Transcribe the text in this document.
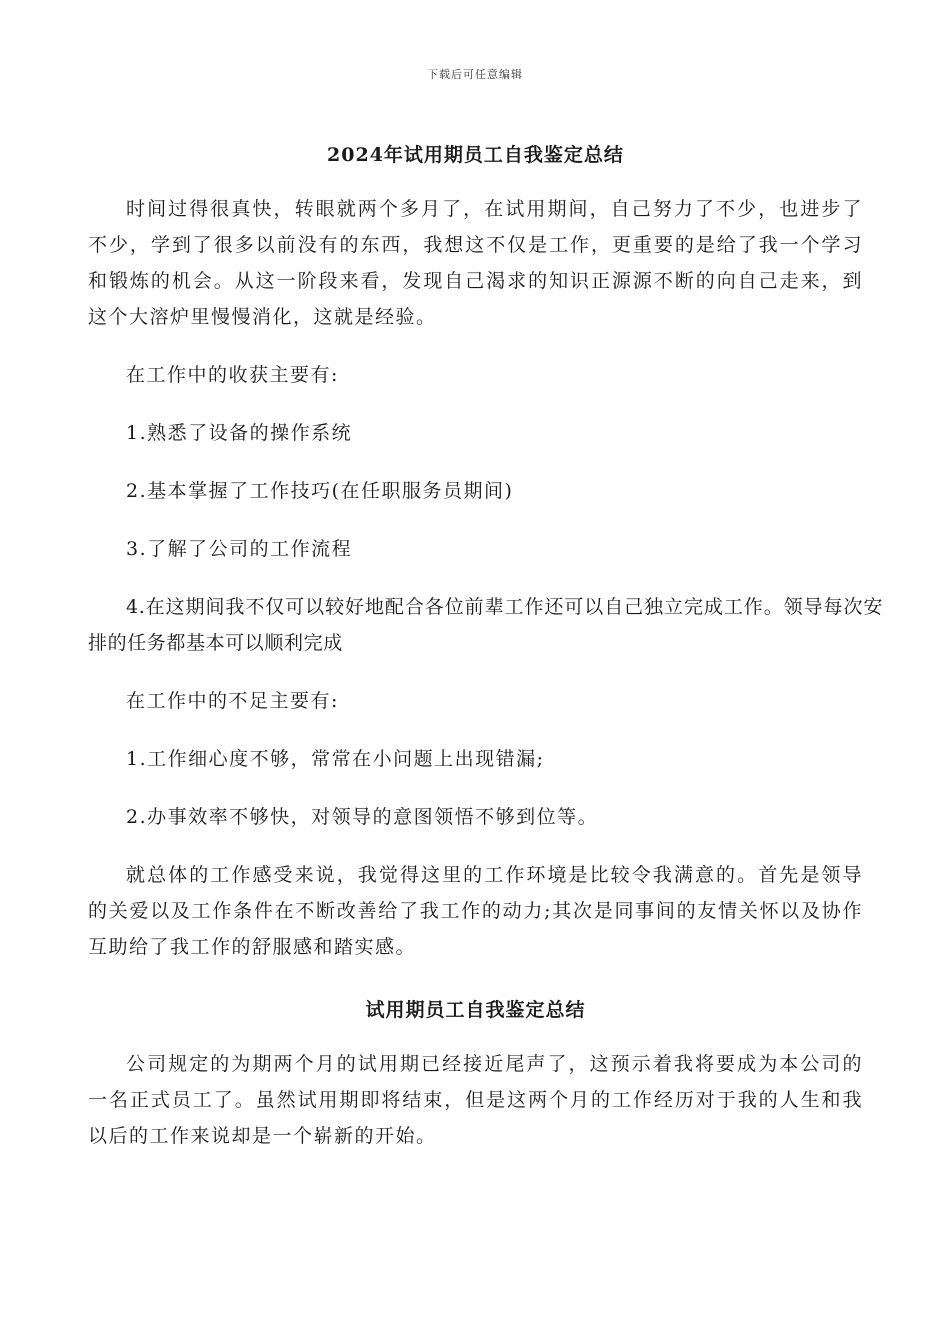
下载后可任意编辑
2024年试用期员工自我鉴定总结

时间过得很真快，转眼就两个多月了，在试用期间，自己努力了不少，也进步了不少，学到了很多以前没有的东西，我想这不仅是工作，更重要的是给了我一个学习和锻炼的机会。从这一阶段来看，发现自己渴求的知识正源源不断的向自己走来，到这个大溶炉里慢慢消化，这就是经验。

在工作中的收获主要有:

1.熟悉了设备的操作系统

2.基本掌握了工作技巧(在任职服务员期间)

3.了解了公司的工作流程

4.在这期间我不仅可以较好地配合各位前辈工作还可以自己独立完成工作。领导每次安排的任务都基本可以顺利完成

在工作中的不足主要有:

1.工作细心度不够，常常在小问题上出现错漏;

2.办事效率不够快，对领导的意图领悟不够到位等。

就总体的工作感受来说，我觉得这里的工作环境是比较令我满意的。首先是领导的关爱以及工作条件在不断改善给了我工作的动力;其次是同事间的友情关怀以及协作互助给了我工作的舒服感和踏实感。

试用期员工自我鉴定总结

公司规定的为期两个月的试用期已经接近尾声了，这预示着我将要成为本公司的一名正式员工了。虽然试用期即将结束，但是这两个月的工作经历对于我的人生和我以后的工作来说却是一个崭新的开始。
